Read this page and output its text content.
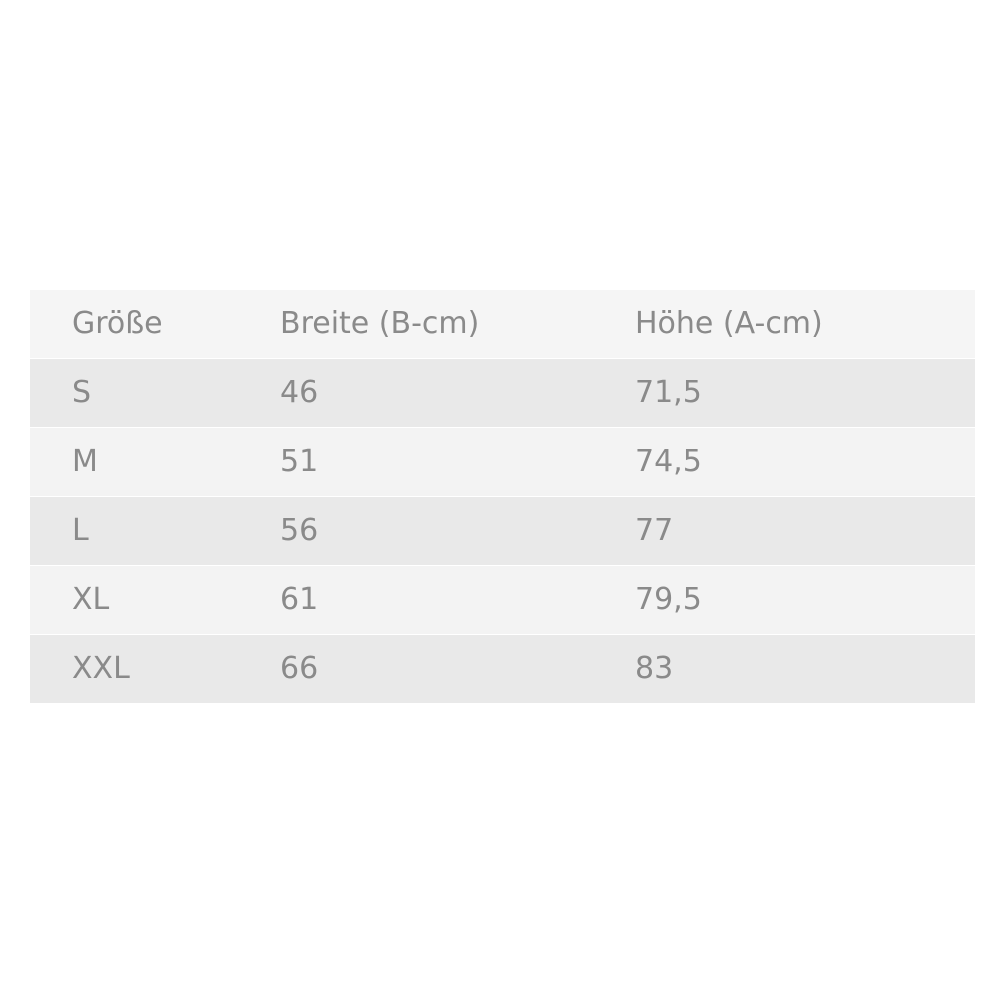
Größe	Breite (B-cm)	Höhe (A-cm)
S	46	71,5
M	51	74,5
L	56	77
XL	61	79,5
XXL	66	83
